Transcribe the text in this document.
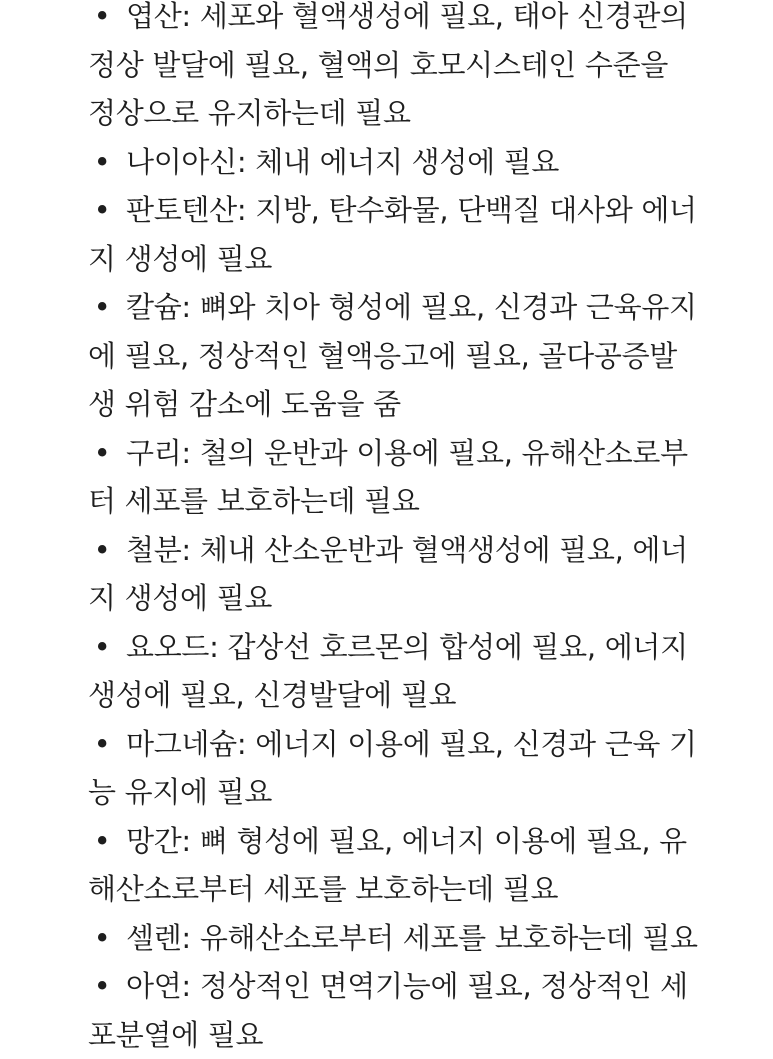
• 엽산: 세포와 혈액생성에 필요, 태아 신경관의
정상 발달에 필요, 혈액의 호모시스테인 수준을
정상으로 유지하는데 필요
• 나이아신: 체내 에너지 생성에 필요
• 판토텐산: 지방, 탄수화물, 단백질 대사와 에너
지 생성에 필요
• 칼슘: 뼈와 치아 형성에 필요, 신경과 근육유지
에 필요, 정상적인 혈액응고에 필요, 골다공증발
생 위험 감소에 도움을 줌
• 구리: 철의 운반과 이용에 필요, 유해산소로부
터 세포를 보호하는데 필요
• 철분: 체내 산소운반과 혈액생성에 필요, 에너
지 생성에 필요
• 요오드: 갑상선 호르몬의 합성에 필요, 에너지
생성에 필요, 신경발달에 필요
• 마그네슘: 에너지 이용에 필요, 신경과 근육 기
능 유지에 필요
• 망간: 뼈 형성에 필요, 에너지 이용에 필요, 유
해산소로부터 세포를 보호하는데 필요
• 셀렌: 유해산소로부터 세포를 보호하는데 필요
• 아연: 정상적인 면역기능에 필요, 정상적인 세
포분열에 필요
